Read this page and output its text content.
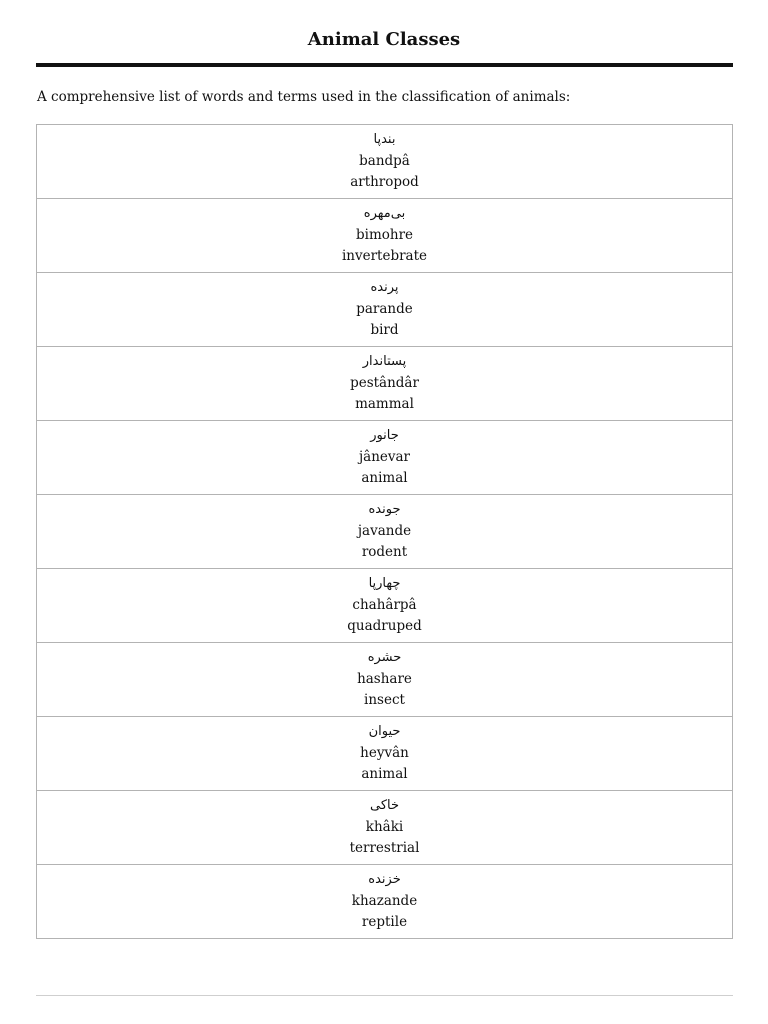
Animal Classes

A comprehensive list of words and terms used in the classification of animals:

بندپا
bandpâ
arthropod

بی‌مهره
bimohre
invertebrate

پرنده
parande
bird

پستاندار
pestândâr
mammal

جانور
jânevar
animal

جونده
javande
rodent

چهارپا
chahârpâ
quadruped

حشره
hashare
insect

حیوان
heyvân
animal

خاکی
khâki
terrestrial

خزنده
khazande
reptile
